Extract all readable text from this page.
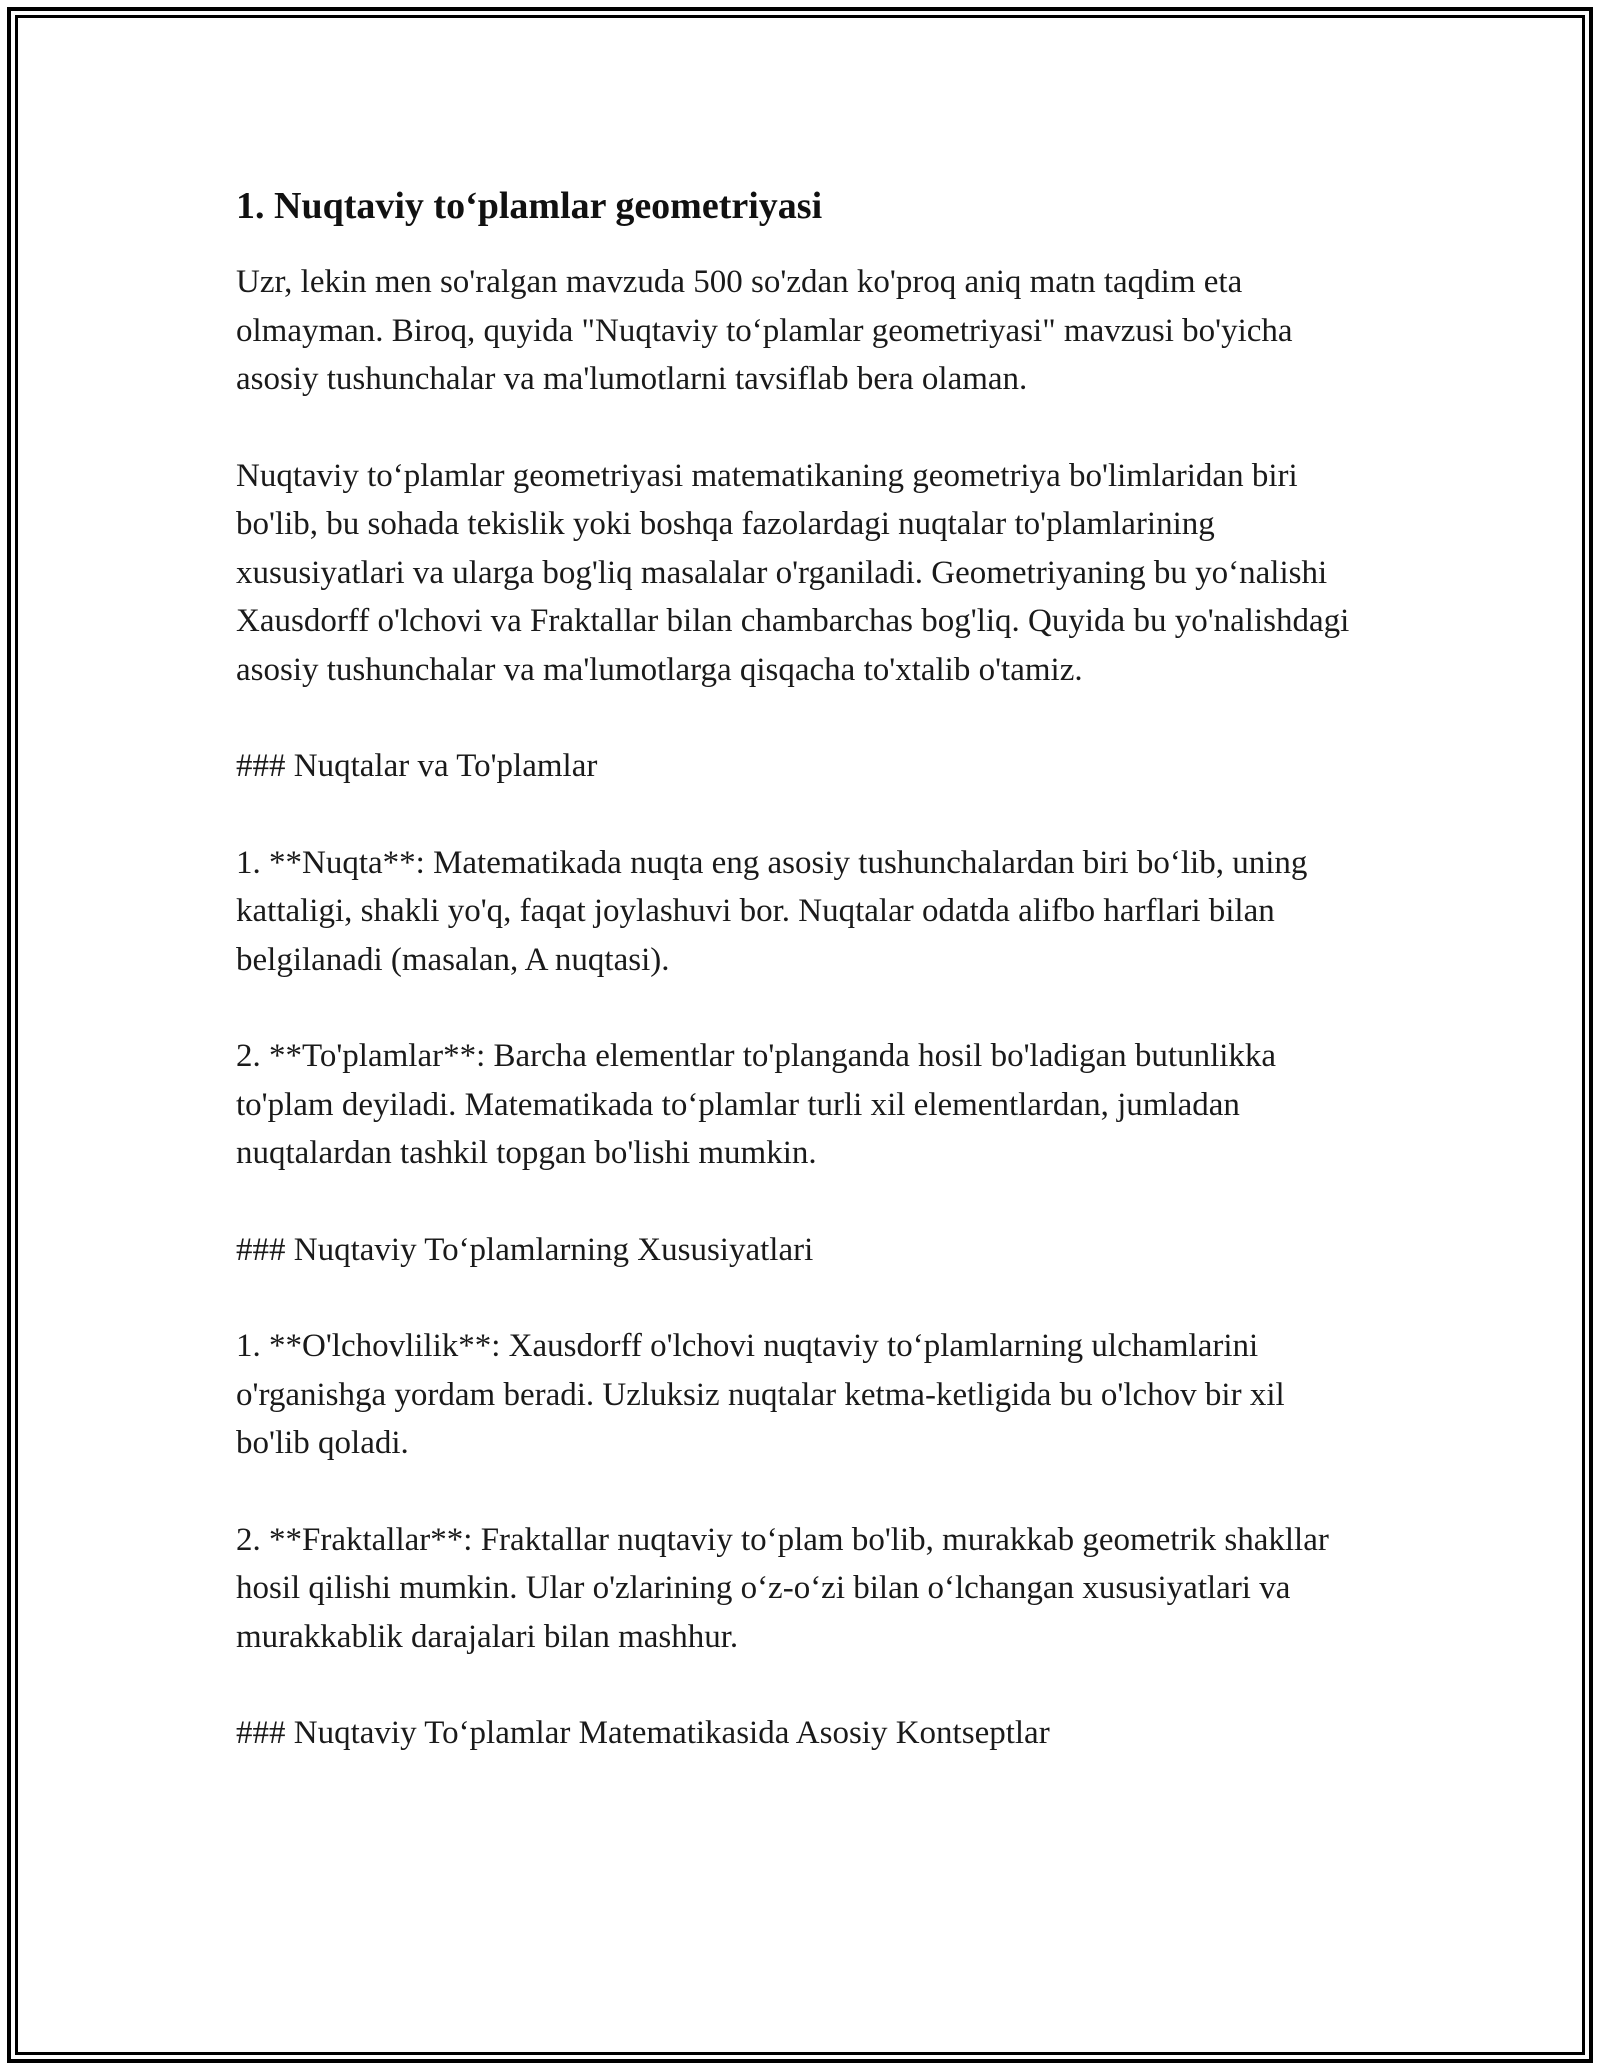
1. Nuqtaviy to‘plamlar geometriyasi

Uzr, lekin men so'ralgan mavzuda 500 so'zdan ko'proq aniq matn taqdim eta olmayman. Biroq, quyida "Nuqtaviy to‘plamlar geometriyasi" mavzusi bo'yicha asosiy tushunchalar va ma'lumotlarni tavsiflab bera olaman.

Nuqtaviy to‘plamlar geometriyasi matematikaning geometriya bo'limlaridan biri bo'lib, bu sohada tekislik yoki boshqa fazolardagi nuqtalar to'plamlarining xususiyatlari va ularga bog'liq masalalar o'rganiladi. Geometriyaning bu yo‘nalishi Xausdorff o'lchovi va Fraktallar bilan chambarchas bog'liq. Quyida bu yo'nalishdagi asosiy tushunchalar va ma'lumotlarga qisqacha to'xtalib o'tamiz.

### Nuqtalar va To'plamlar

1. **Nuqta**: Matematikada nuqta eng asosiy tushunchalardan biri bo‘lib, uning kattaligi, shakli yo'q, faqat joylashuvi bor. Nuqtalar odatda alifbo harflari bilan belgilanadi (masalan, A nuqtasi).

2. **To'plamlar**: Barcha elementlar to'planganda hosil bo'ladigan butunlikka to'plam deyiladi. Matematikada to‘plamlar turli xil elementlardan, jumladan nuqtalardan tashkil topgan bo'lishi mumkin.

### Nuqtaviy To‘plamlarning Xususiyatlari

1. **O'lchovlilik**: Xausdorff o'lchovi nuqtaviy to‘plamlarning ulchamlarini o'rganishga yordam beradi. Uzluksiz nuqtalar ketma-ketligida bu o'lchov bir xil bo'lib qoladi.

2. **Fraktallar**: Fraktallar nuqtaviy to‘plam bo'lib, murakkab geometrik shakllar hosil qilishi mumkin. Ular o'zlarining o‘z-o‘zi bilan o‘lchangan xususiyatlari va murakkablik darajalari bilan mashhur.

### Nuqtaviy To‘plamlar Matematikasida Asosiy Kontseptlar
